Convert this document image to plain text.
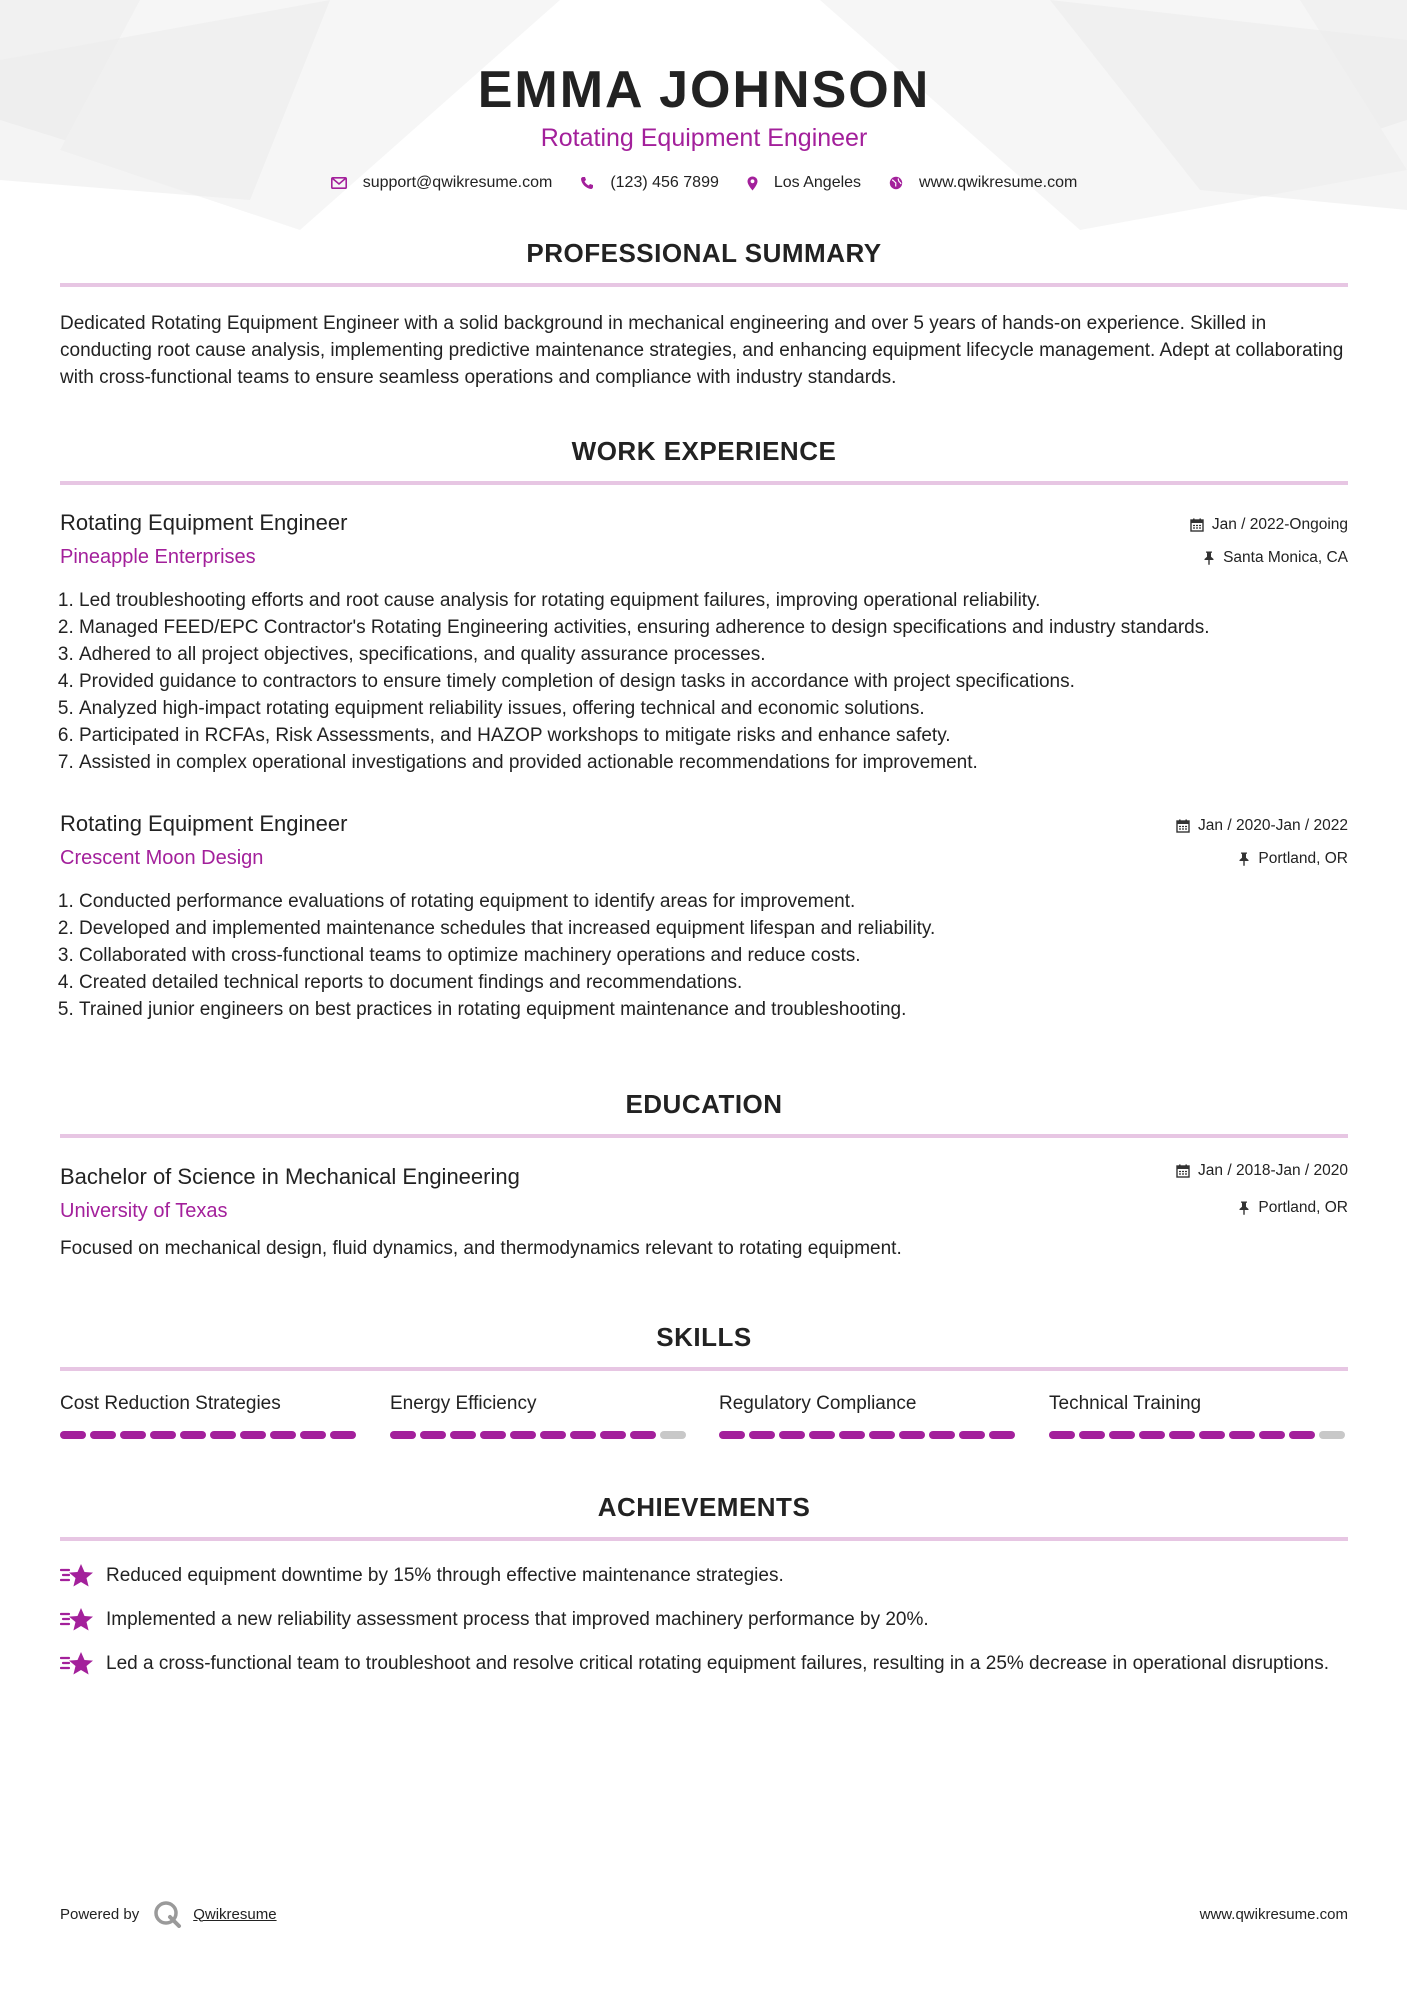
EMMA JOHNSON
Rotating Equipment Engineer
support@qwikresume.com	(123) 456 7899	Los Angeles	www.qwikresume.com
PROFESSIONAL SUMMARY
Dedicated Rotating Equipment Engineer with a solid background in mechanical engineering and over 5 years of hands-on experience. Skilled in conducting root cause analysis, implementing predictive maintenance strategies, and enhancing equipment lifecycle management. Adept at collaborating with cross-functional teams to ensure seamless operations and compliance with industry standards.
WORK EXPERIENCE
Rotating Equipment Engineer
Pineapple Enterprises
Jan / 2022-Ongoing
Santa Monica, CA
1. Led troubleshooting efforts and root cause analysis for rotating equipment failures, improving operational reliability.
2. Managed FEED/EPC Contractor's Rotating Engineering activities, ensuring adherence to design specifications and industry standards.
3. Adhered to all project objectives, specifications, and quality assurance processes.
4. Provided guidance to contractors to ensure timely completion of design tasks in accordance with project specifications.
5. Analyzed high-impact rotating equipment reliability issues, offering technical and economic solutions.
6. Participated in RCFAs, Risk Assessments, and HAZOP workshops to mitigate risks and enhance safety.
7. Assisted in complex operational investigations and provided actionable recommendations for improvement.
Rotating Equipment Engineer
Crescent Moon Design
Jan / 2020-Jan / 2022
Portland, OR
1. Conducted performance evaluations of rotating equipment to identify areas for improvement.
2. Developed and implemented maintenance schedules that increased equipment lifespan and reliability.
3. Collaborated with cross-functional teams to optimize machinery operations and reduce costs.
4. Created detailed technical reports to document findings and recommendations.
5. Trained junior engineers on best practices in rotating equipment maintenance and troubleshooting.
EDUCATION
Bachelor of Science in Mechanical Engineering
University of Texas
Jan / 2018-Jan / 2020
Portland, OR
Focused on mechanical design, fluid dynamics, and thermodynamics relevant to rotating equipment.
SKILLS
Cost Reduction Strategies	Energy Efficiency	Regulatory Compliance	Technical Training
ACHIEVEMENTS
Reduced equipment downtime by 15% through effective maintenance strategies.
Implemented a new reliability assessment process that improved machinery performance by 20%.
Led a cross-functional team to troubleshoot and resolve critical rotating equipment failures, resulting in a 25% decrease in operational disruptions.
Powered by	Qwikresume	www.qwikresume.com
